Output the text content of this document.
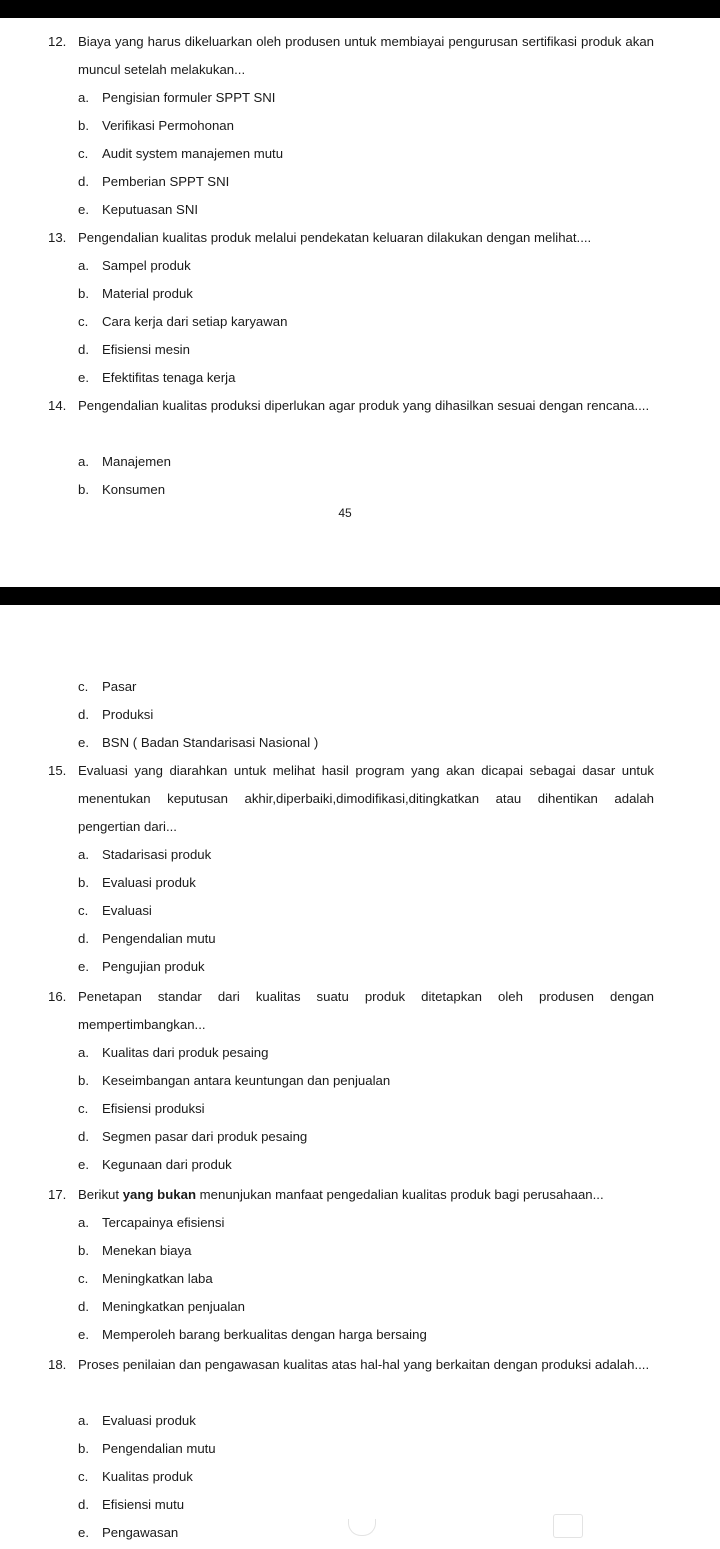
12. Biaya yang harus dikeluarkan oleh produsen untuk membiayai pengurusan sertifikasi produk akan muncul setelah melakukan...
a. Pengisian formuler SPPT SNI
b. Verifikasi Permohonan
c. Audit system manajemen mutu
d. Pemberian SPPT SNI
e. Keputuasan SNI
13. Pengendalian kualitas produk melalui pendekatan keluaran dilakukan dengan melihat....
a. Sampel produk
b. Material produk
c. Cara kerja dari setiap karyawan
d. Efisiensi mesin
e. Efektifitas tenaga kerja
14. Pengendalian kualitas produksi diperlukan agar produk yang dihasilkan sesuai dengan rencana....
a. Manajemen
b. Konsumen
45
c. Pasar
d. Produksi
e. BSN ( Badan Standarisasi Nasional )
15. Evaluasi yang diarahkan untuk melihat hasil program yang akan dicapai sebagai dasar untuk menentukan keputusan akhir,diperbaiki,dimodifikasi,ditingkatkan atau dihentikan adalah pengertian dari...
a. Stadarisasi produk
b. Evaluasi produk
c. Evaluasi
d. Pengendalian mutu
e. Pengujian produk
16. Penetapan standar dari kualitas suatu produk ditetapkan oleh produsen dengan mempertimbangkan...
a. Kualitas dari produk pesaing
b. Keseimbangan antara keuntungan dan penjualan
c. Efisiensi produksi
d. Segmen pasar dari produk pesaing
e. Kegunaan dari produk
17. Berikut yang bukan menunjukan manfaat pengedalian kualitas produk bagi perusahaan...
a. Tercapainya efisiensi
b. Menekan biaya
c. Meningkatkan laba
d. Meningkatkan penjualan
e. Memperoleh barang berkualitas dengan harga bersaing
18. Proses penilaian dan pengawasan kualitas atas hal-hal yang berkaitan dengan produksi adalah....
a. Evaluasi produk
b. Pengendalian mutu
c. Kualitas produk
d. Efisiensi mutu
e. Pengawasan
